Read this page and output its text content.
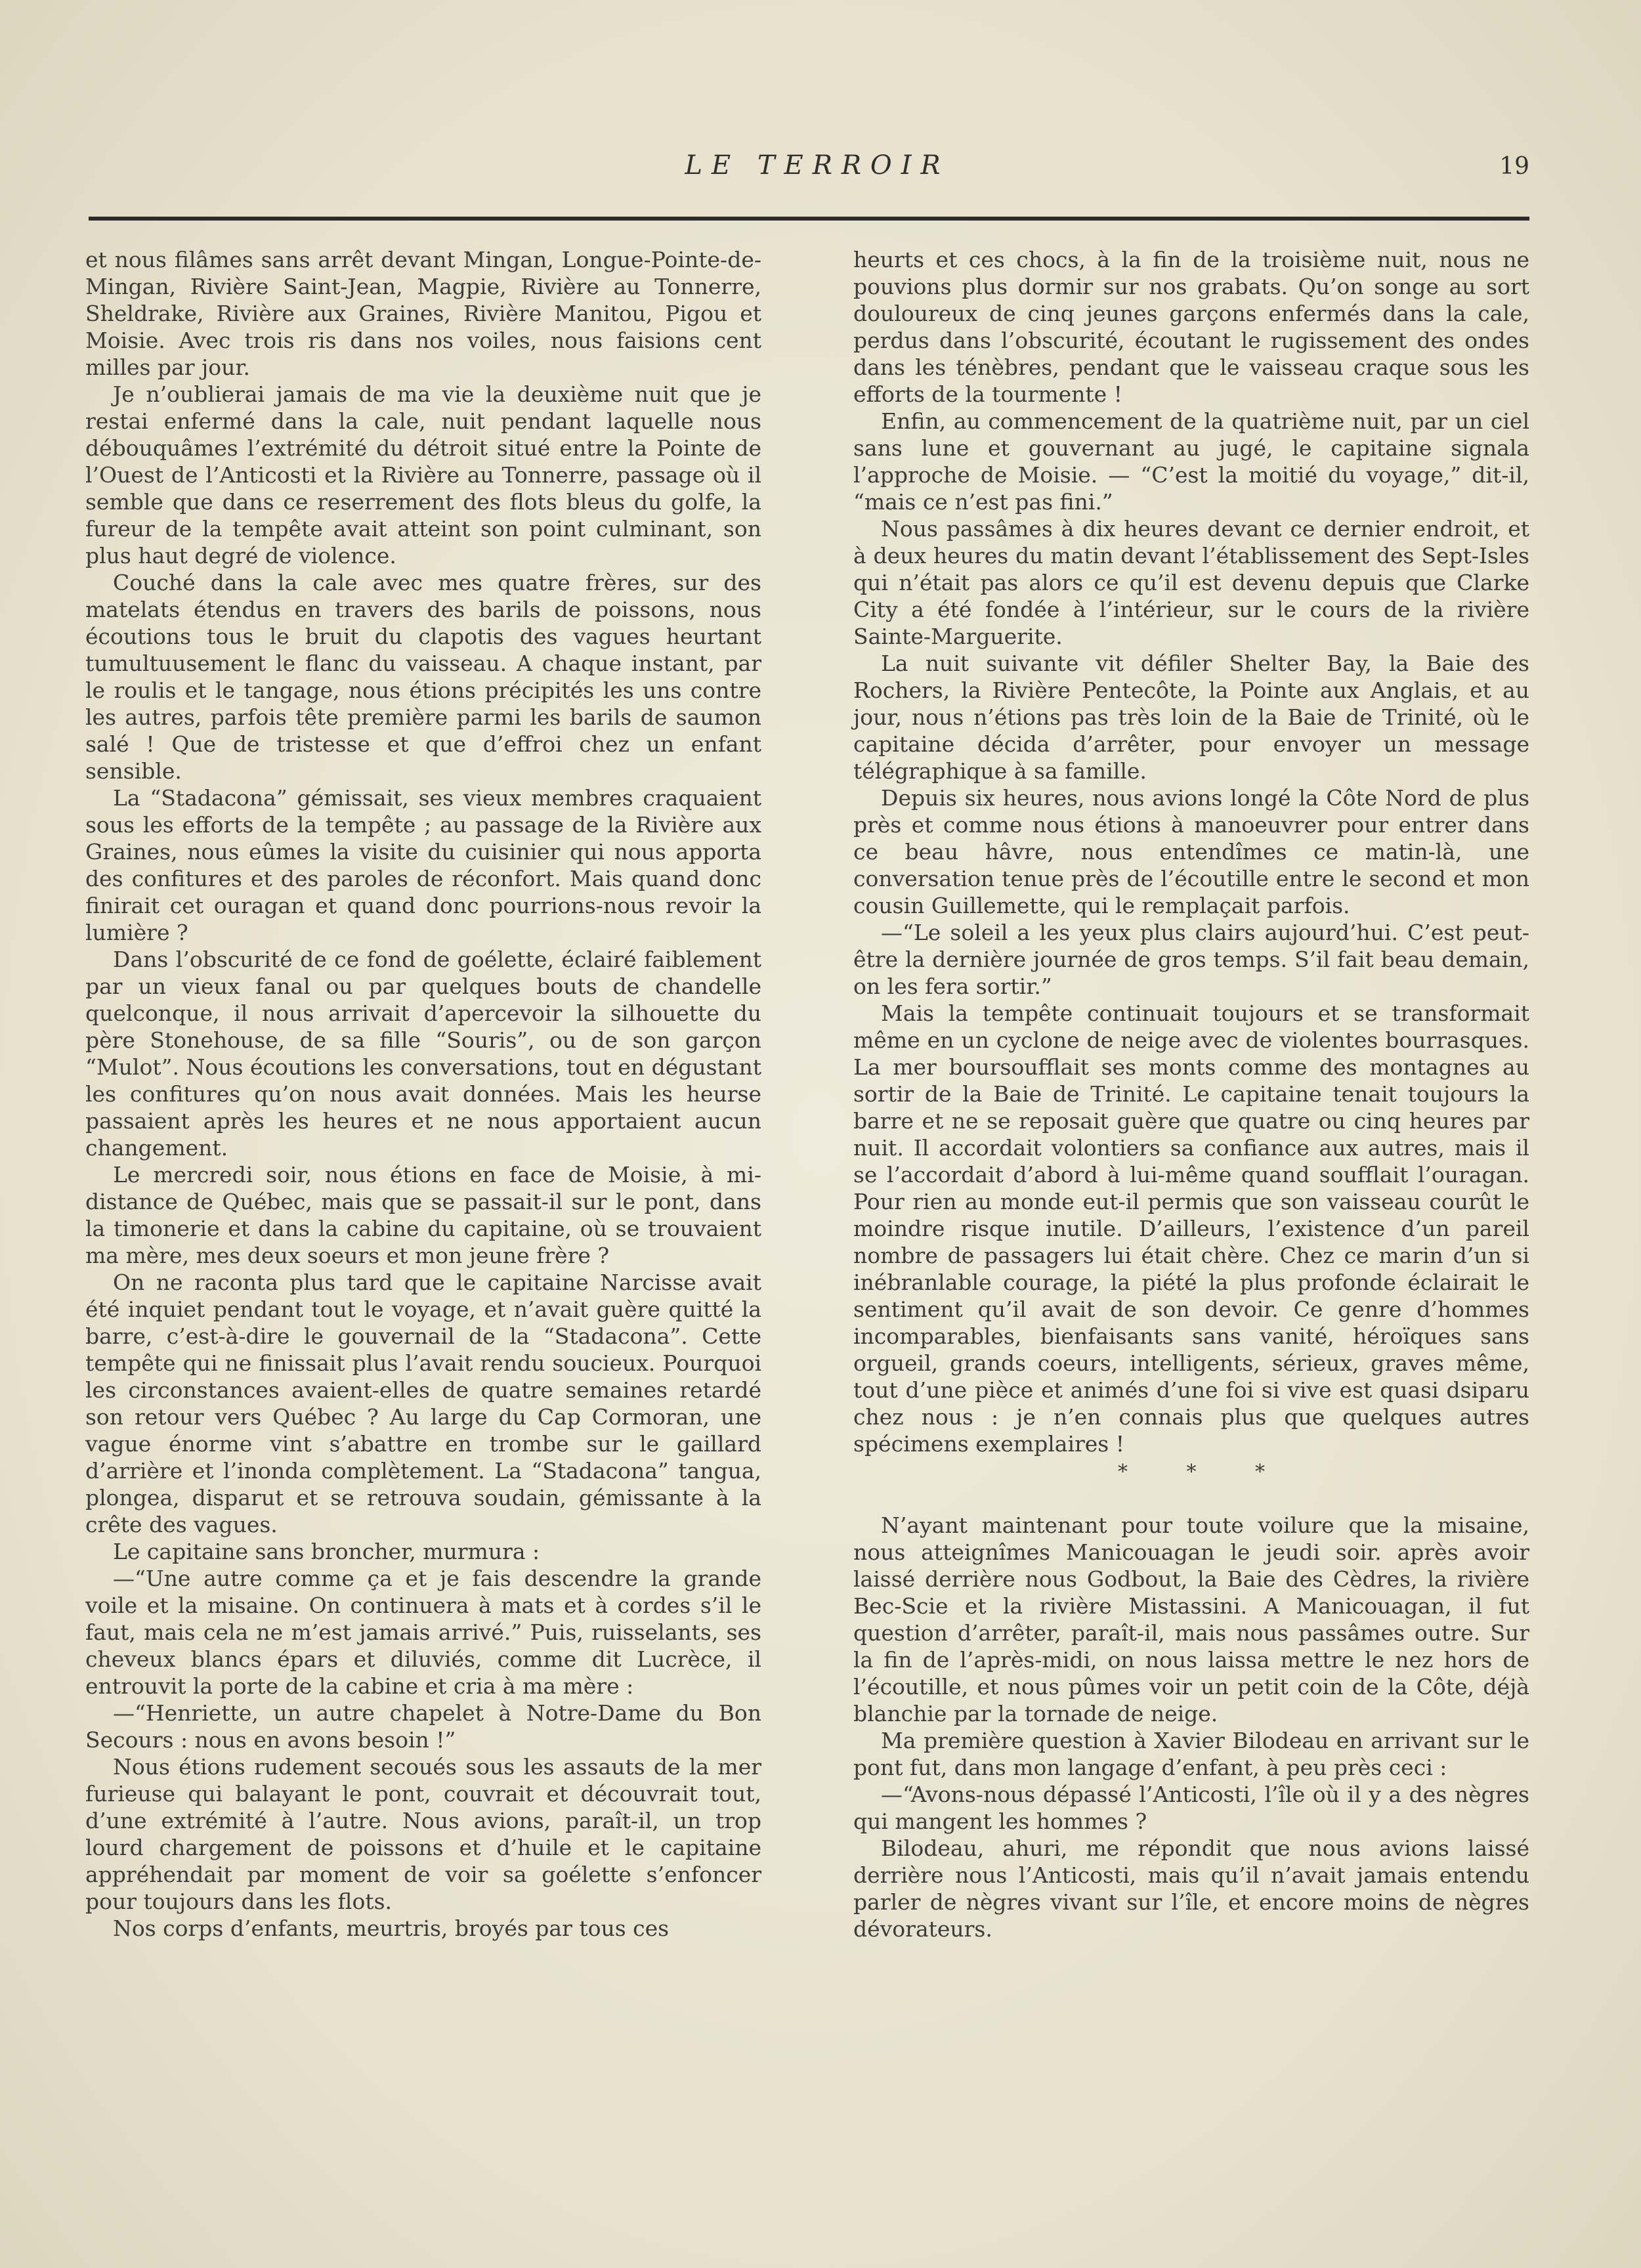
LE TERROIR	19

et nous filâmes sans arrêt devant Mingan, Longue-Pointe-de-Mingan, Rivière Saint-Jean, Magpie, Rivière au Tonnerre, Sheldrake, Rivière aux Graines, Rivière Manitou, Pigou et Moisie. Avec trois ris dans nos voiles, nous faisions cent milles par jour.

Je n’oublierai jamais de ma vie la deuxième nuit que je restai enfermé dans la cale, nuit pendant laquelle nous débouquâmes l’extrémité du détroit situé entre la Pointe de l’Ouest de l’Anticosti et la Rivière au Tonnerre, passage où il semble que dans ce reserrement des flots bleus du golfe, la fureur de la tempête avait atteint son point culminant, son plus haut degré de violence.

Couché dans la cale avec mes quatre frères, sur des matelats étendus en travers des barils de poissons, nous écoutions tous le bruit du clapotis des vagues heurtant tumultuusement le flanc du vaisseau. A chaque instant, par le roulis et le tangage, nous étions précipités les uns contre les autres, parfois tête première parmi les barils de saumon salé ! Que de tristesse et que d’effroi chez un enfant sensible.

La “Stadacona” gémissait, ses vieux membres craquaient sous les efforts de la tempête ; au passage de la Rivière aux Graines, nous eûmes la visite du cuisinier qui nous apporta des confitures et des paroles de réconfort. Mais quand donc finirait cet ouragan et quand donc pourrions-nous revoir la lumière ?

Dans l’obscurité de ce fond de goélette, éclairé faiblement par un vieux fanal ou par quelques bouts de chandelle quelconque, il nous arrivait d’apercevoir la silhouette du père Stonehouse, de sa fille “Souris”, ou de son garçon “Mulot”. Nous écoutions les conversations, tout en dégustant les confitures qu’on nous avait données. Mais les heurse passaient après les heures et ne nous apportaient aucun changement.

Le mercredi soir, nous étions en face de Moisie, à mi-distance de Québec, mais que se passait-il sur le pont, dans la timonerie et dans la cabine du capitaine, où se trouvaient ma mère, mes deux soeurs et mon jeune frère ?

On ne raconta plus tard que le capitaine Narcisse avait été inquiet pendant tout le voyage, et n’avait guère quitté la barre, c’est-à-dire le gouvernail de la “Stadacona”. Cette tempête qui ne finissait plus l’avait rendu soucieux. Pourquoi les circonstances avaient-elles de quatre semaines retardé son retour vers Québec ? Au large du Cap Cormoran, une vague énorme vint s’abattre en trombe sur le gaillard d’arrière et l’inonda complètement. La “Stadacona” tangua, plongea, disparut et se retrouva soudain, gémissante à la crête des vagues.

Le capitaine sans broncher, murmura :

—“Une autre comme ça et je fais descendre la grande voile et la misaine. On continuera à mats et à cordes s’il le faut, mais cela ne m’est jamais arrivé.” Puis, ruisselants, ses cheveux blancs épars et diluviés, comme dit Lucrèce, il entrouvit la porte de la cabine et cria à ma mère :

—“Henriette, un autre chapelet à Notre-Dame du Bon Secours : nous en avons besoin !”

Nous étions rudement secoués sous les assauts de la mer furieuse qui balayant le pont, couvrait et découvrait tout, d’une extrémité à l’autre. Nous avions, paraît-il, un trop lourd chargement de poissons et d’huile et le capitaine appréhendait par moment de voir sa goélette s’enfoncer pour toujours dans les flots.

Nos corps d’enfants, meurtris, broyés par tous ces

heurts et ces chocs, à la fin de la troisième nuit, nous ne pouvions plus dormir sur nos grabats. Qu’on songe au sort douloureux de cinq jeunes garçons enfermés dans la cale, perdus dans l’obscurité, écoutant le rugissement des ondes dans les ténèbres, pendant que le vaisseau craque sous les efforts de la tourmente !

Enfin, au commencement de la quatrième nuit, par un ciel sans lune et gouvernant au jugé, le capitaine signala l’approche de Moisie. — “C’est la moitié du voyage,” dit-il, “mais ce n’est pas fini.”

Nous passâmes à dix heures devant ce dernier endroit, et à deux heures du matin devant l’établissement des Sept-Isles qui n’était pas alors ce qu’il est devenu depuis que Clarke City a été fondée à l’intérieur, sur le cours de la rivière Sainte-Marguerite.

La nuit suivante vit défiler Shelter Bay, la Baie des Rochers, la Rivière Pentecôte, la Pointe aux Anglais, et au jour, nous n’étions pas très loin de la Baie de Trinité, où le capitaine décida d’arrêter, pour envoyer un message télégraphique à sa famille.

Depuis six heures, nous avions longé la Côte Nord de plus près et comme nous étions à manoeuvrer pour entrer dans ce beau hâvre, nous entendîmes ce matin-là, une conversation tenue près de l’écoutille entre le second et mon cousin Guillemette, qui le remplaçait parfois.

—“Le soleil a les yeux plus clairs aujourd’hui. C’est peut-être la dernière journée de gros temps. S’il fait beau demain, on les fera sortir.”

Mais la tempête continuait toujours et se transformait même en un cyclone de neige avec de violentes bourrasques. La mer boursoufflait ses monts comme des montagnes au sortir de la Baie de Trinité. Le capitaine tenait toujours la barre et ne se reposait guère que quatre ou cinq heures par nuit. Il accordait volontiers sa confiance aux autres, mais il se l’accordait d’abord à lui-même quand soufflait l’ouragan. Pour rien au monde eut-il permis que son vaisseau courût le moindre risque inutile. D’ailleurs, l’existence d’un pareil nombre de passagers lui était chère. Chez ce marin d’un si inébranlable courage, la piété la plus profonde éclairait le sentiment qu’il avait de son devoir. Ce genre d’hommes incomparables, bienfaisants sans vanité, héroïques sans orgueil, grands coeurs, intelligents, sérieux, graves même, tout d’une pièce et animés d’une foi si vive est quasi dsiparu chez nous : je n’en connais plus que quelques autres spécimens exemplaires !

* * *

N’ayant maintenant pour toute voilure que la misaine, nous atteignîmes Manicouagan le jeudi soir. après avoir laissé derrière nous Godbout, la Baie des Cèdres, la rivière Bec-Scie et la rivière Mistassini. A Manicouagan, il fut question d’arrêter, paraît-il, mais nous passâmes outre. Sur la fin de l’après-midi, on nous laissa mettre le nez hors de l’écoutille, et nous pûmes voir un petit coin de la Côte, déjà blanchie par la tornade de neige.

Ma première question à Xavier Bilodeau en arrivant sur le pont fut, dans mon langage d’enfant, à peu près ceci :

—“Avons-nous dépassé l’Anticosti, l’île où il y a des nègres qui mangent les hommes ?

Bilodeau, ahuri, me répondit que nous avions laissé derrière nous l’Anticosti, mais qu’il n’avait jamais entendu parler de nègres vivant sur l’île, et encore moins de nègres dévorateurs.
